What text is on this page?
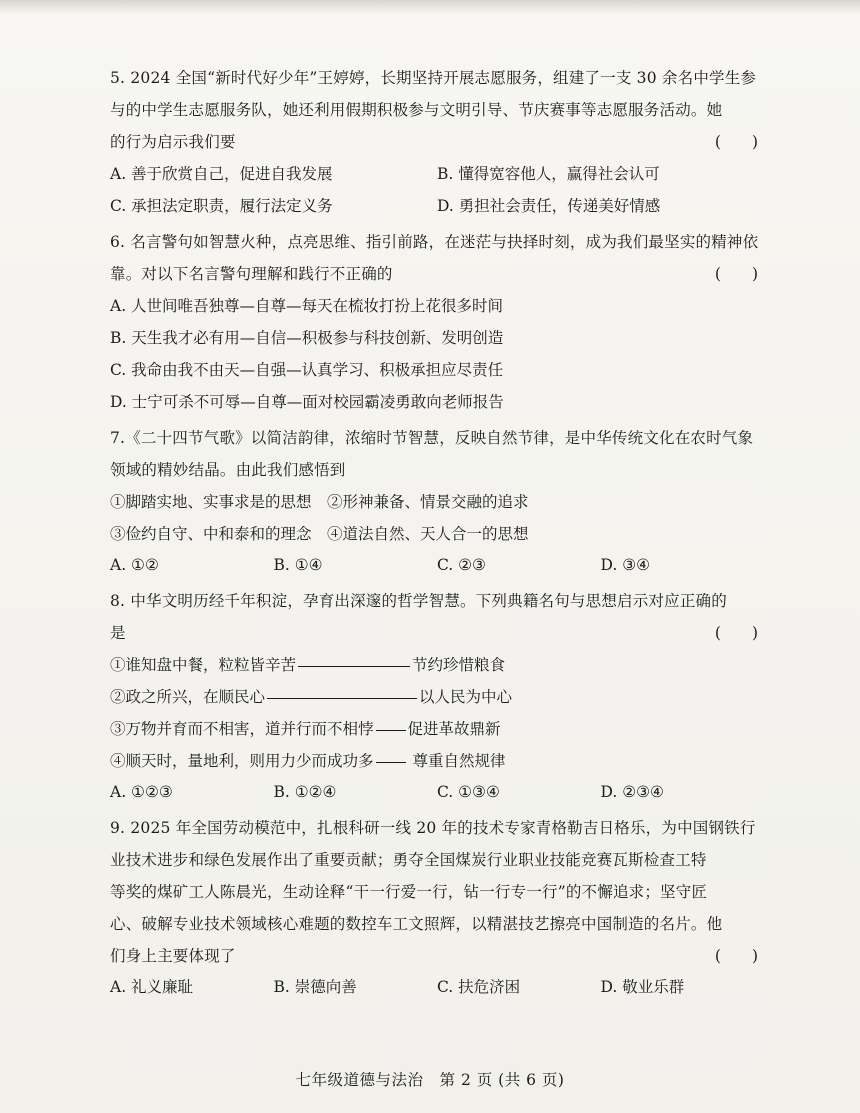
5. 2024 全国“新时代好少年”王婷婷，长期坚持开展志愿服务，组建了一支 30 余名中学生参
与的中学生志愿服务队，她还利用假期积极参与文明引导、节庆赛事等志愿服务活动。她
的行为启示我们要	(　　)
A. 善于欣赏自己，促进自我发展	B. 懂得宽容他人，赢得社会认可
C. 承担法定职责，履行法定义务	D. 勇担社会责任，传递美好情感
6. 名言警句如智慧火种，点亮思维、指引前路，在迷茫与抉择时刻，成为我们最坚实的精神依
靠。对以下名言警句理解和践行不正确的	(　　)
A. 人世间唯吾独尊—自尊—每天在梳妆打扮上花很多时间
B. 天生我才必有用—自信—积极参与科技创新、发明创造
C. 我命由我不由天—自强—认真学习、积极承担应尽责任
D. 士宁可杀不可辱—自尊—面对校园霸凌勇敢向老师报告
7.《二十四节气歌》以简洁韵律，浓缩时节智慧，反映自然节律，是中华传统文化在农时气象
领域的精妙结晶。由此我们感悟到
①脚踏实地、实事求是的思想　②形神兼备、情景交融的追求
③俭约自守、中和泰和的理念　④道法自然、天人合一的思想
A. ①②	B. ①④	C. ②③	D. ③④
8. 中华文明历经千年积淀，孕育出深邃的哲学智慧。下列典籍名句与思想启示对应正确的
是	(　　)
①谁知盘中餐，粒粒皆辛苦	节约珍惜粮食
②政之所兴，在顺民心	以人民为中心
③万物并育而不相害，道并行而不相悖 促进革故鼎新
④顺天时，量地利，则用力少而成功多 尊重自然规律
A. ①②③	B. ①②④	C. ①③④	D. ②③④
9. 2025 年全国劳动模范中，扎根科研一线 20 年的技术专家青格勒吉日格乐，为中国钢铁行
业技术进步和绿色发展作出了重要贡献；勇夺全国煤炭行业职业技能竞赛瓦斯检查工特
等奖的煤矿工人陈晨光，生动诠释“干一行爱一行，钻一行专一行”的不懈追求；坚守匠
心、破解专业技术领域核心难题的数控车工文照辉，以精湛技艺擦亮中国制造的名片。他
们身上主要体现了	(　　)
A. 礼义廉耻	B. 崇德向善	C. 扶危济困	D. 敬业乐群
七年级道德与法治　第 2 页 (共 6 页)
